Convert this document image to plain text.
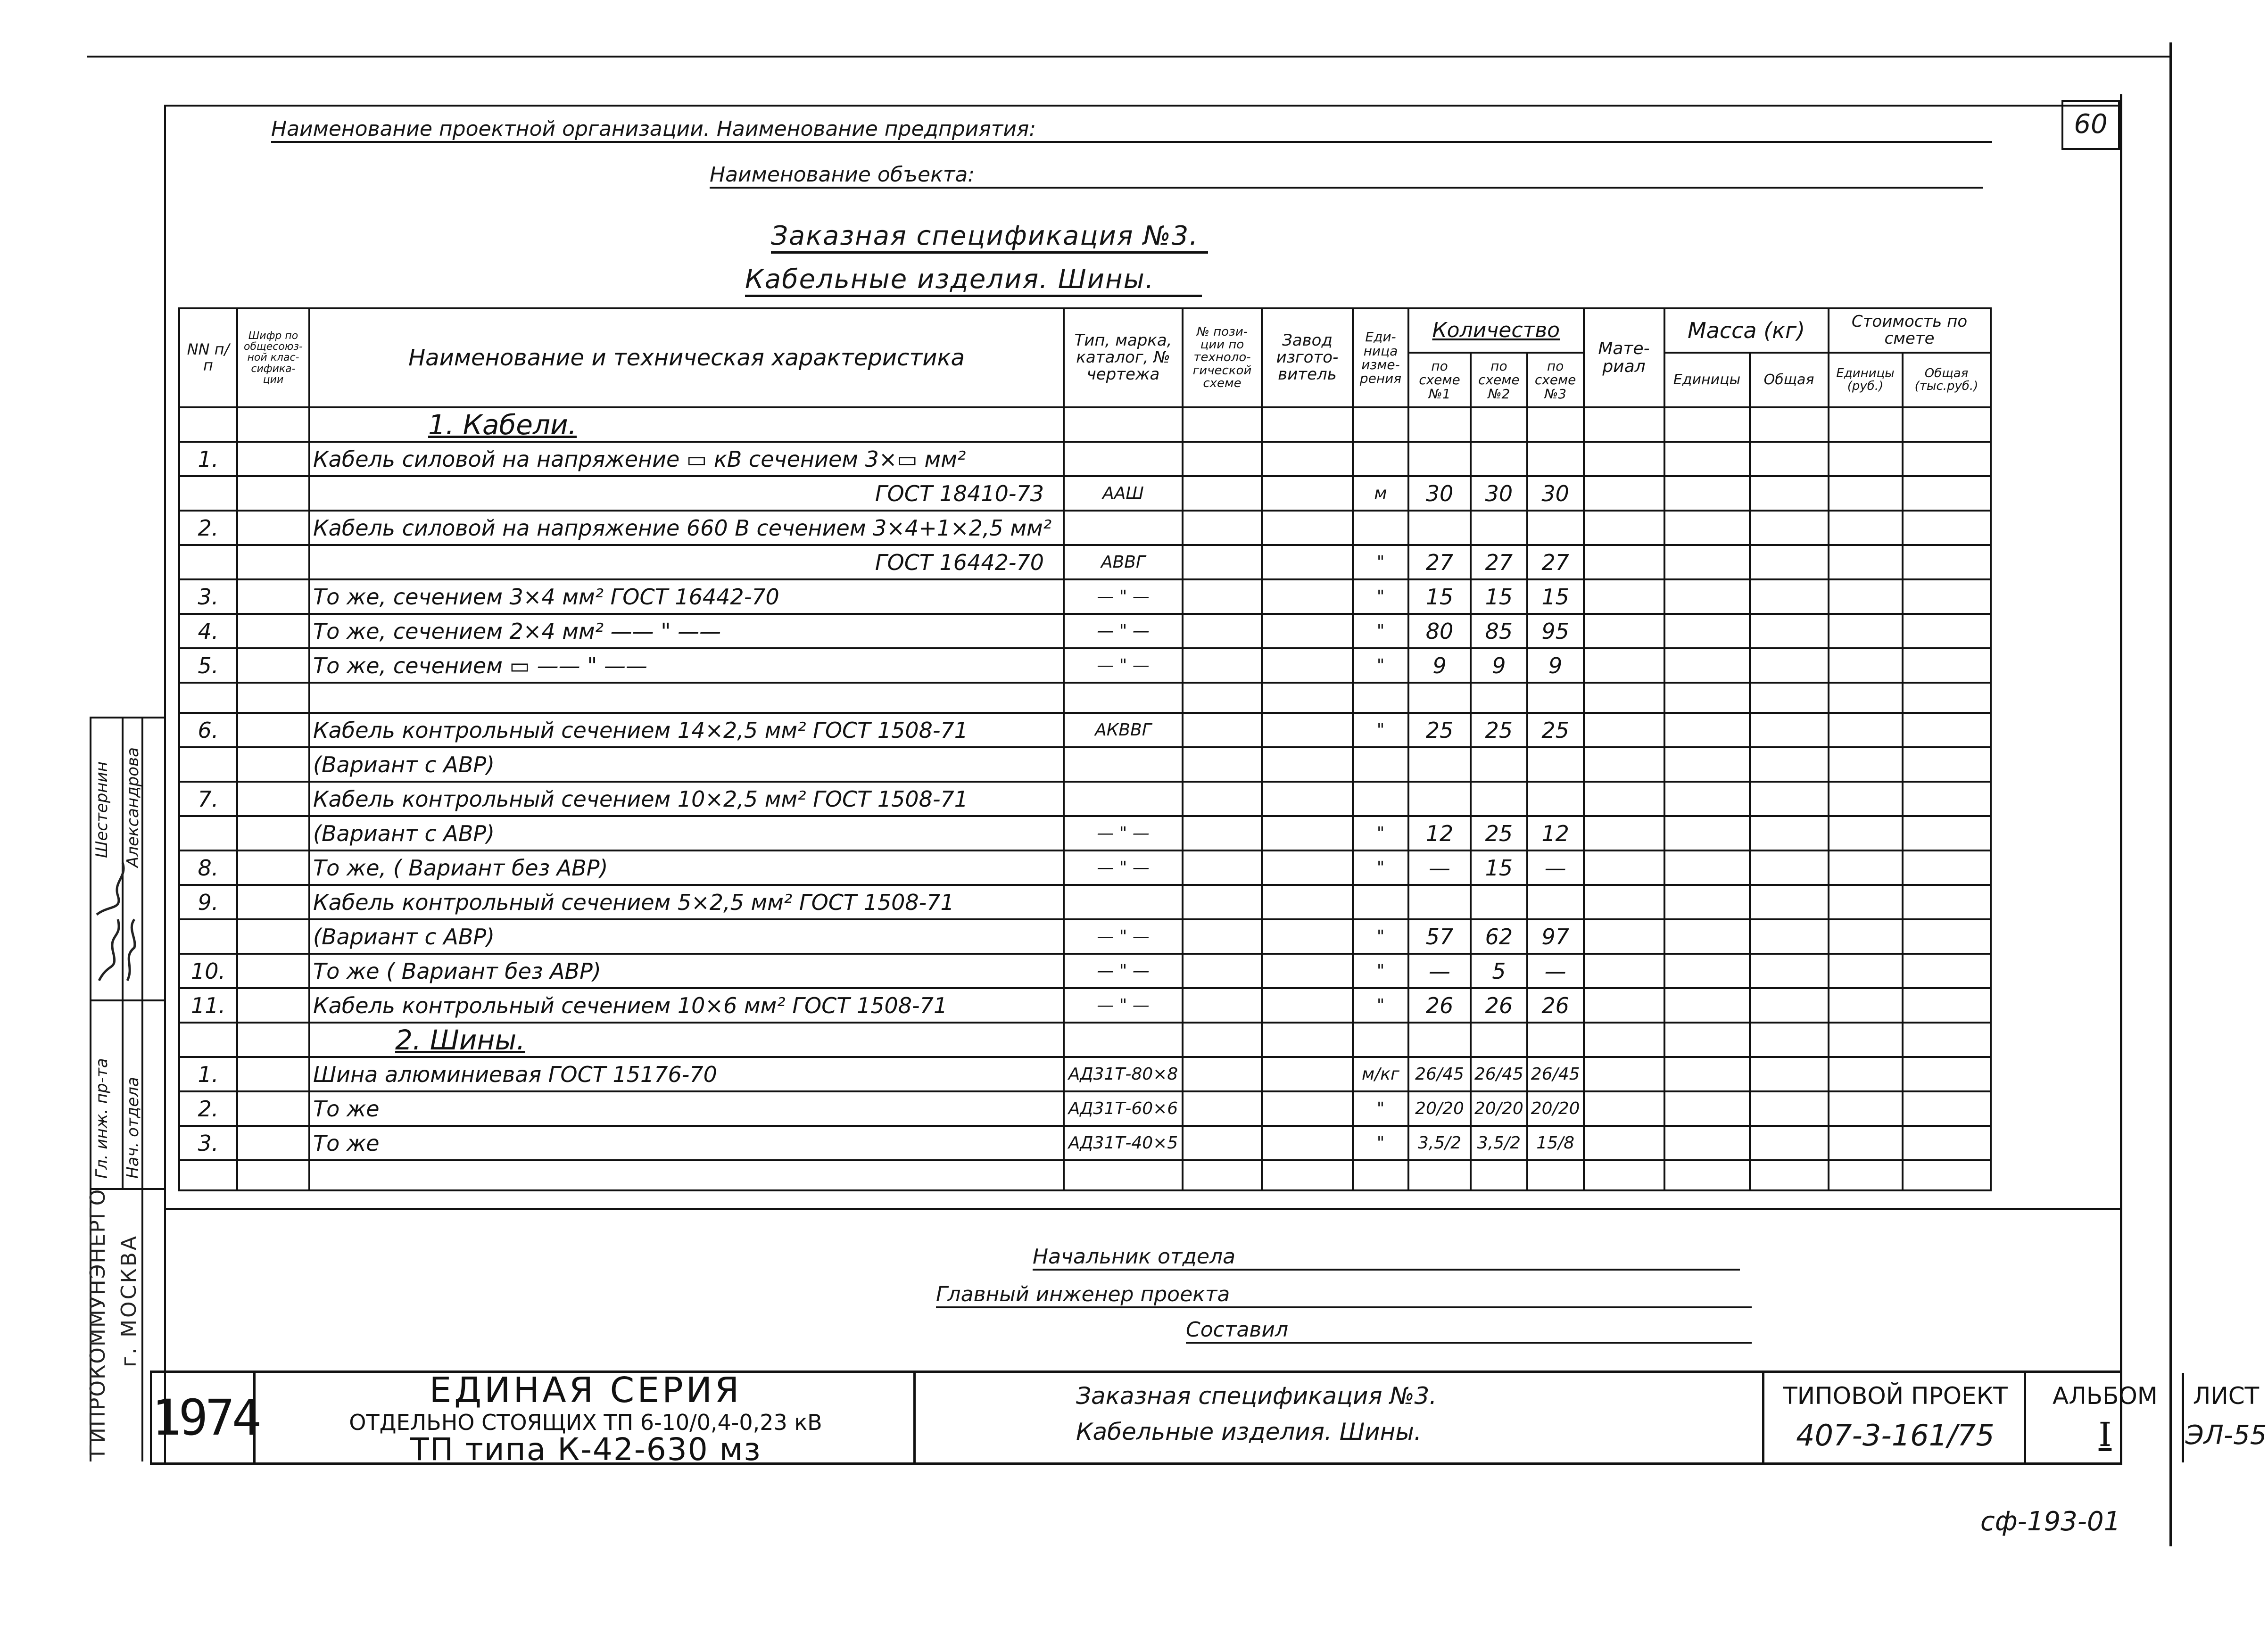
Наименование проектной организации. Наименование предприятия:
Наименование объекта:
60
Заказная спецификация №3.
Кабельные изделия. Шины.
NN п/п	Шифр по общесоюз- ной клас- сифика- ции	Наименование и техническая характеристика	Тип, марка, каталог, № чертежа	№ пози- ции по техноло- гической схеме	Завод изгото- витель	Еди- ница изме- рения	Количество			Мате- риал	Масса (кг)		Стоимость по смете	
							по схеме №1	по схеме №2	по схеме №3		Единицы	Общая	Единицы (руб.)	Общая (тыс.руб.)
		1. Кабели.												
1.		Кабель силовой на напряжение ▭ кВ сечением 3×▭ мм²												
		ГОСТ 18410-73	ААШ			м	30	30	30					
2.		Кабель силовой на напряжение 660 В сечением 3×4+1×2,5 мм²												
		ГОСТ 16442-70	АВВГ			"	27	27	27					
3.		То же, сечением 3×4 мм² ГОСТ 16442-70	— " —			"	15	15	15					
4.		То же, сечением 2×4 мм² —— " ——	— " —			"	80	85	95					
5.		То же, сечением ▭ —— " ——	— " —			"	9	9	9					

6.		Кабель контрольный сечением 14×2,5 мм² ГОСТ 1508-71	АКВВГ			"	25	25	25					
		(Вариант с АВР)												
7.		Кабель контрольный сечением 10×2,5 мм² ГОСТ 1508-71												
		(Вариант с АВР)	— " —			"	12	25	12					
8.		То же, ( Вариант без АВР)	— " —			"	—	15	—					
9.		Кабель контрольный сечением 5×2,5 мм² ГОСТ 1508-71												
		(Вариант с АВР)	— " —			"	57	62	97					
10.		То же ( Вариант без АВР)	— " —			"	—	5	—					
11.		Кабель контрольный сечением 10×6 мм² ГОСТ 1508-71	— " —			"	26	26	26					
		2. Шины.												
1.		Шина алюминиевая ГОСТ 15176-70	АД31Т-80×8			м/кг	26/45	26/45	26/45					
2.		То же	АД31Т-60×6			"	20/20	20/20	20/20					
3.		То же	АД31Т-40×5			"	3,5/2	3,5/2	15/8					

Начальник отдела
Главный инженер проекта
Составил
Гл. инж. пр-та Нач. отдела
Шестернин Александрова
ГИПРОКОММУНЭНЕРГО г. МОСКВА
1974	ЕДИНАЯ СЕРИЯ
ОТДЕЛЬНО СТОЯЩИХ ТП 6-10/0,4-0,23 кВ
ТП типа К-42-630 мз
Заказная спецификация №3.
Кабельные изделия. Шины.
ТИПОВОЙ ПРОЕКТ
407-3-161/75
АЛЬБОМ
I
ЛИСТ
ЭЛ-55
сф-193-01
